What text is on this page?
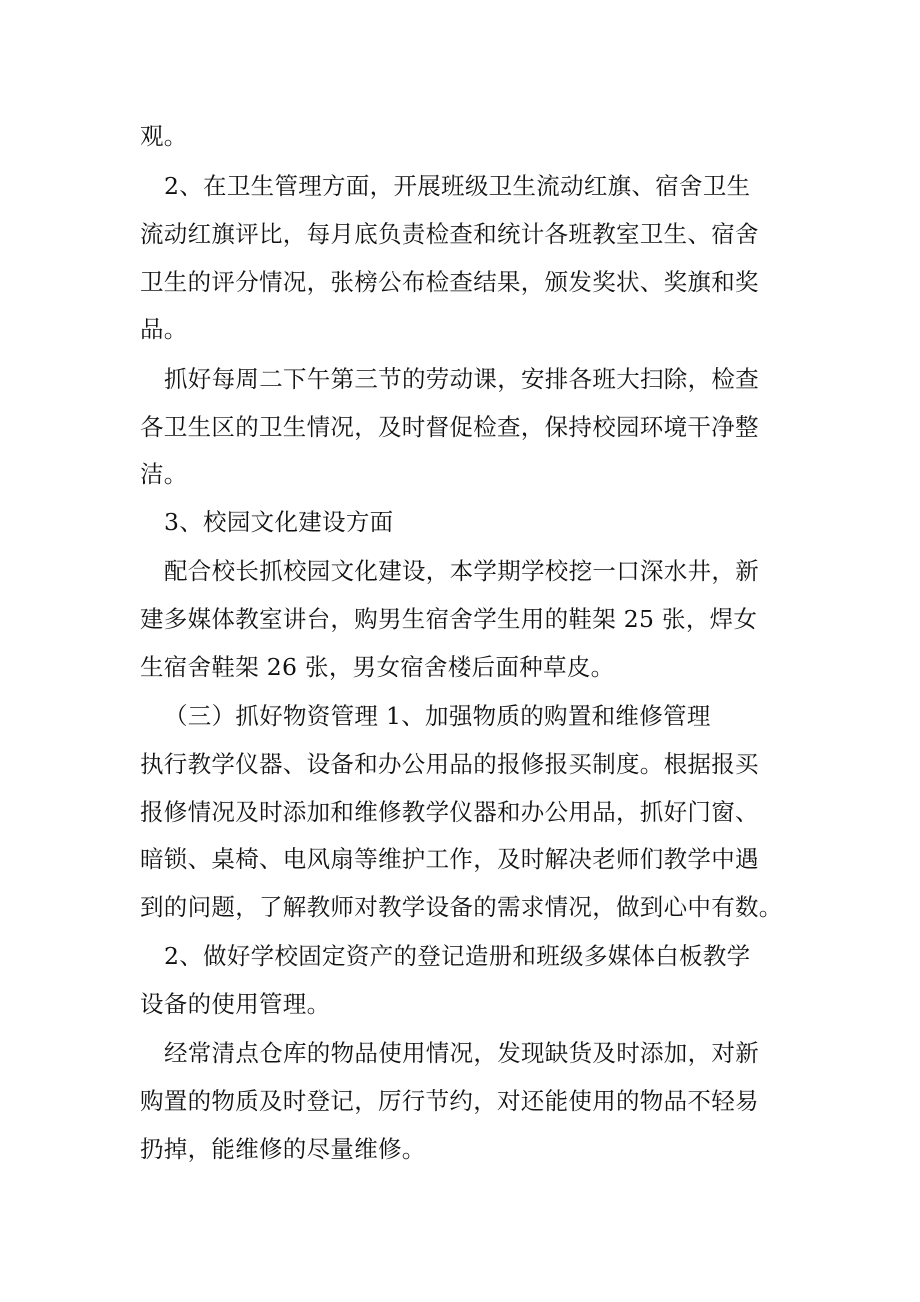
观。
2、在卫生管理方面，开展班级卫生流动红旗、宿舍卫生
流动红旗评比，每月底负责检查和统计各班教室卫生、宿舍
卫生的评分情况，张榜公布检查结果，颁发奖状、奖旗和奖
品。
抓好每周二下午第三节的劳动课，安排各班大扫除，检查
各卫生区的卫生情况，及时督促检查，保持校园环境干净整
洁。
3、校园文化建设方面
配合校长抓校园文化建设，本学期学校挖一口深水井，新
建多媒体教室讲台，购男生宿舍学生用的鞋架 25 张，焊女
生宿舍鞋架 26 张，男女宿舍楼后面种草皮。
（三）抓好物资管理 1、加强物质的购置和维修管理
执行教学仪器、设备和办公用品的报修报买制度。根据报买
报修情况及时添加和维修教学仪器和办公用品，抓好门窗、
暗锁、桌椅、电风扇等维护工作，及时解决老师们教学中遇
到的问题，了解教师对教学设备的需求情况，做到心中有数。
2、做好学校固定资产的登记造册和班级多媒体白板教学
设备的使用管理。
经常清点仓库的物品使用情况，发现缺货及时添加，对新
购置的物质及时登记，厉行节约，对还能使用的物品不轻易
扔掉，能维修的尽量维修。
